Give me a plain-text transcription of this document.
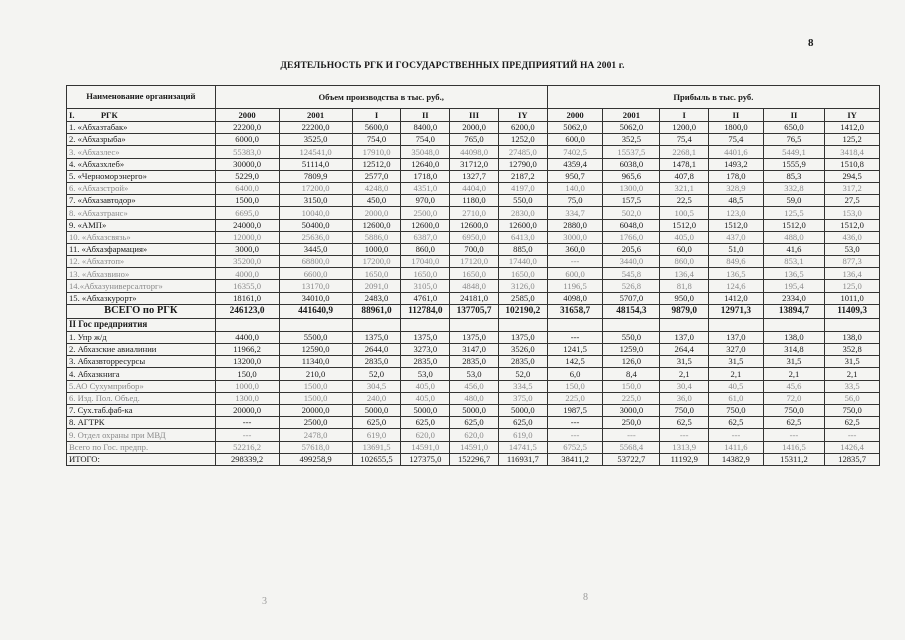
8
ДЕЯТЕЛЬНОСТЬ РГК И ГОСУДАРСТВЕННЫХ ПРЕДПРИЯТИЙ НА 2001 г.
Наименование организаций	Объем производства в тыс. руб.,						Прибыль в тыс. руб.					
I. РГК	2000	2001	I	II	III	IY	2000	2001	I	II	II	IY
1. «Абхазтабак»	22200,0	22200,0	5600,0	8400,0	2000,0	6200,0	5062,0	5062,0	1200,0	1800,0	650,0	1412,0
2. «Абхазрыба»	6000,0	3525,0	754,0	754,0	765,0	1252,0	600,0	352,5	75,4	75,4	76,5	125,2
3. «Абхазлес»	55383,0	124541,0	17910,0	35048,0	44098,0	27485,0	7402,5	15537,5	2268,1	4401,6	5449,1	3418,4
4. «Абхазхлеб»	30000,0	51114,0	12512,0	12640,0	31712,0	12790,0	4359,4	6038,0	1478,1	1493,2	1555,9	1510,8
5. «Черноморэнерго»	5229,0	7809,9	2577,0	1718,0	1327,7	2187,2	950,7	965,6	407,8	178,0	85,3	294,5
6. «Абхазстрой»	6400,0	17200,0	4248,0	4351,0	4404,0	4197,0	140,0	1300,0	321,1	328,9	332,8	317,2
7. «Абхазавтодор»	1500,0	3150,0	450,0	970,0	1180,0	550,0	75,0	157,5	22,5	48,5	59,0	27,5
8. «Абхазтранс»	6695,0	10040,0	2000,0	2500,0	2710,0	2830,0	334,7	502,0	100,5	123,0	125,5	153,0
9. «АМП»	24000,0	50400,0	12600,0	12600,0	12600,0	12600,0	2880,0	6048,0	1512,0	1512,0	1512,0	1512,0
10. «Абхазсвязь»	12000,0	25636,0	5886,0	6387,0	6950,0	6413,0	3000,0	1766,0	405,0	437,0	488,0	436,0
11. «Абхазфармация»	3000,0	3445,0	1000,0	860,0	700,0	885,0	360,0	205,6	60,0	51,0	41,6	53,0
12. «Абхазтоп»	35200,0	68800,0	17200,0	17040,0	17120,0	17440,0	---	3440,0	860,0	849,6	853,1	877,3
13. «Абхазвино»	4000,0	6600,0	1650,0	1650,0	1650,0	1650,0	600,0	545,8	136,4	136,5	136,5	136,4
14.«Абхазуниверсалторг»	16355,0	13170,0	2091,0	3105,0	4848,0	3126,0	1196,5	526,8	81,8	124,6	195,4	125,0
15. «Абхазкурорт»	18161,0	34010,0	2483,0	4761,0	24181,0	2585,0	4098,0	5707,0	950,0	1412,0	2334,0	1011,0
ВСЕГО по РГК	246123,0	441640,9	88961,0	112784,0	137705,7	102190,2	31658,7	48154,3	9879,0	12971,3	13894,7	11409,3
II Гос предприятия												
1. Упр ж/д	4400,0	5500,0	1375,0	1375,0	1375,0	1375,0	---	550,0	137,0	137,0	138,0	138,0
2. Абхазские авиалинии	11966,2	12590,0	2644,0	3273,0	3147,0	3526,0	1241,5	1259,0	264,4	327,0	314,8	352,8
3. Абхазвторресурсы	13200,0	11340,0	2835,0	2835,0	2835,0	2835,0	142,5	126,0	31,5	31,5	31,5	31,5
4. Абхазкнига	150,0	210,0	52,0	53,0	53,0	52,0	6,0	8,4	2,1	2,1	2,1	2,1
5.АО Сухумприбор»	1000,0	1500,0	304,5	405,0	456,0	334,5	150,0	150,0	30,4	40,5	45,6	33,5
6. Изд. Пол. Объед.	1300,0	1500,0	240,0	405,0	480,0	375,0	225,0	225,0	36,0	61,0	72,0	56,0
7. Сух.таб.фаб-ка	20000,0	20000,0	5000,0	5000,0	5000,0	5000,0	1987,5	3000,0	750,0	750,0	750,0	750,0
8. АГТРК	---	2500,0	625,0	625,0	625,0	625,0	---	250,0	62,5	62,5	62,5	62,5
9. Отдел охраны при МВД	---	2478,0	619,0	620,0	620,0	619,0	---	---	---	---	---	---
Всего по Гос. предпр.	52216,2	57618,0	13691,5	14591,0	14591,0	14741,5	6752,5	5568,4	1313,9	1411,6	1416,5	1426,4
ИТОГО:	298339,2	499258,9	102655,5	127375,0	152296,7	116931,7	38411,2	53722,7	11192,9	14382,9	15311,2	12835,7
3	8
